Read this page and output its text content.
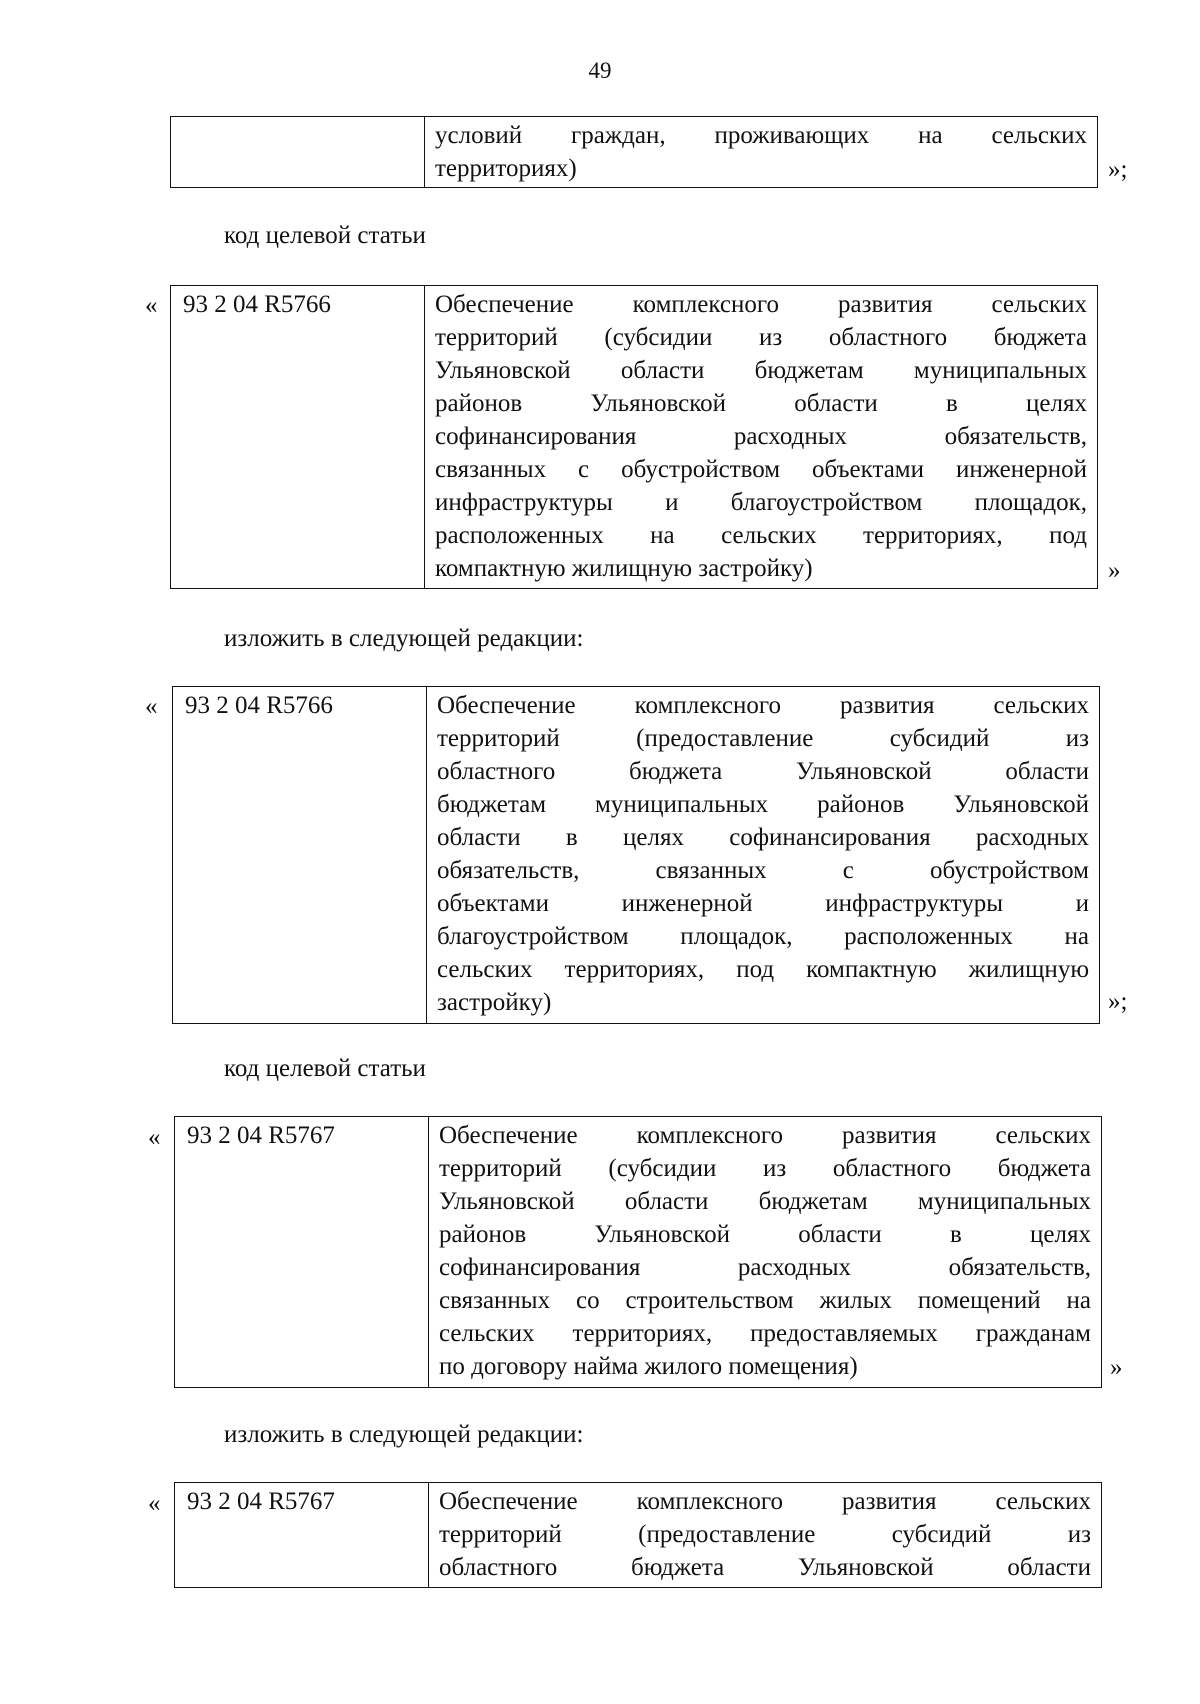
49
условий граждан, проживающих на сельских
территориях)	»;
код целевой статьи
«	93 2 04 R5766	Обеспечение комплексного развития сельских
территорий (субсидии из областного бюджета
Ульяновской области бюджетам муниципальных
районов Ульяновской области в целях
софинансирования расходных обязательств,
связанных с обустройством объектами инженерной
инфраструктуры и благоустройством площадок,
расположенных на сельских территориях, под
компактную жилищную застройку)	»
изложить в следующей редакции:
«	93 2 04 R5766	Обеспечение комплексного развития сельских
территорий (предоставление субсидий из
областного бюджета Ульяновской области
бюджетам муниципальных районов Ульяновской
области в целях софинансирования расходных
обязательств, связанных с обустройством
объектами инженерной инфраструктуры и
благоустройством площадок, расположенных на
сельских территориях, под компактную жилищную
застройку)	»;
код целевой статьи
«	93 2 04 R5767	Обеспечение комплексного развития сельских
территорий (субсидии из областного бюджета
Ульяновской области бюджетам муниципальных
районов Ульяновской области в целях
софинансирования расходных обязательств,
связанных со строительством жилых помещений на
сельских территориях, предоставляемых гражданам
по договору найма жилого помещения)	»
изложить в следующей редакции:
«	93 2 04 R5767	Обеспечение комплексного развития сельских
территорий (предоставление субсидий из
областного бюджета Ульяновской области
